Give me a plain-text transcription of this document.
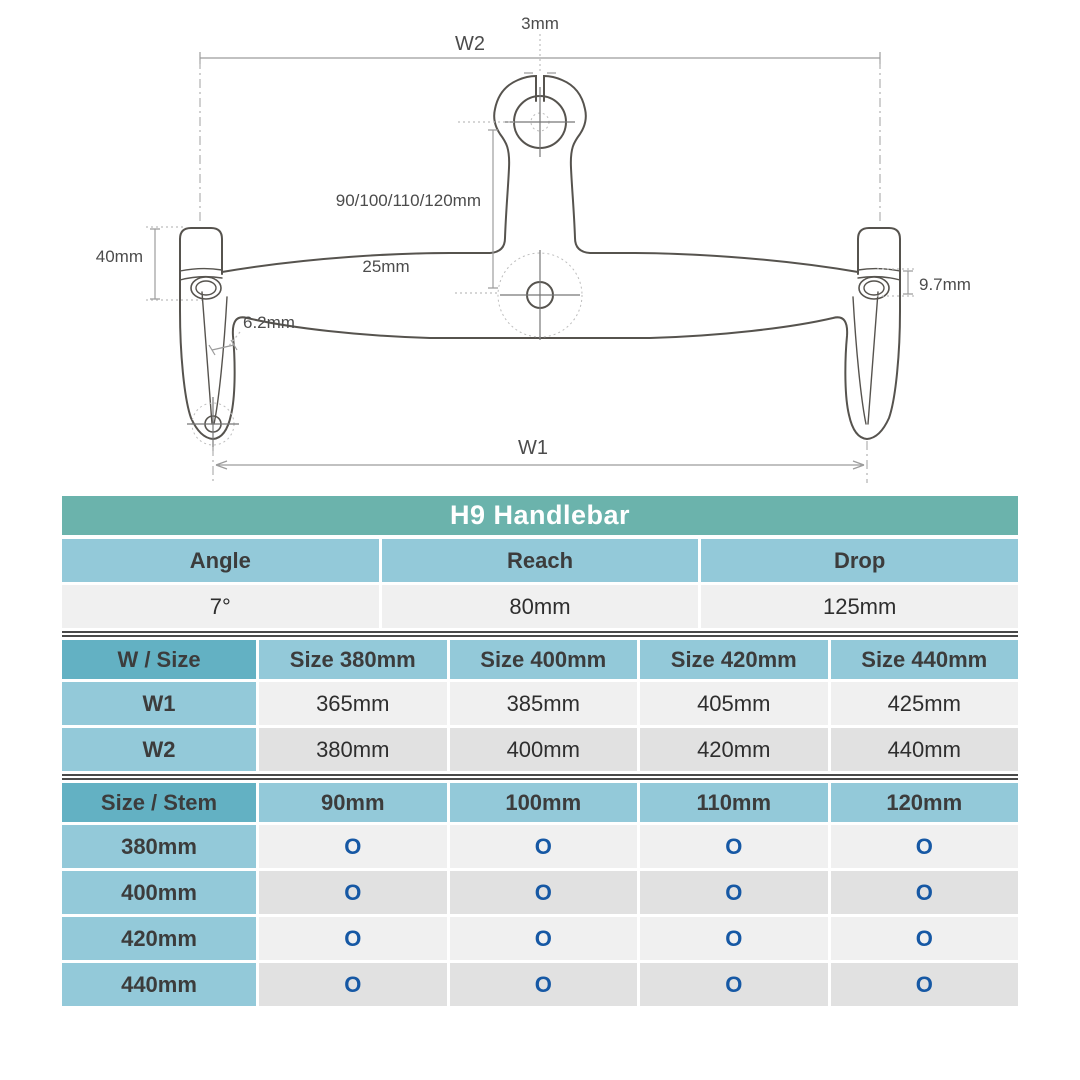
3mm
W2
90/100/110/120mm
25mm
40mm
6.2mm
9.7mm
W1
H9 Handlebar
Angle	Reach	Drop
7°	80mm	125mm
W / Size	Size 380mm	Size 400mm	Size 420mm	Size 440mm
W1	365mm	385mm	405mm	425mm
W2	380mm	400mm	420mm	440mm
Size / Stem	90mm	100mm	110mm	120mm
380mm	O	O	O	O
400mm	O	O	O	O
420mm	O	O	O	O
440mm	O	O	O	O
